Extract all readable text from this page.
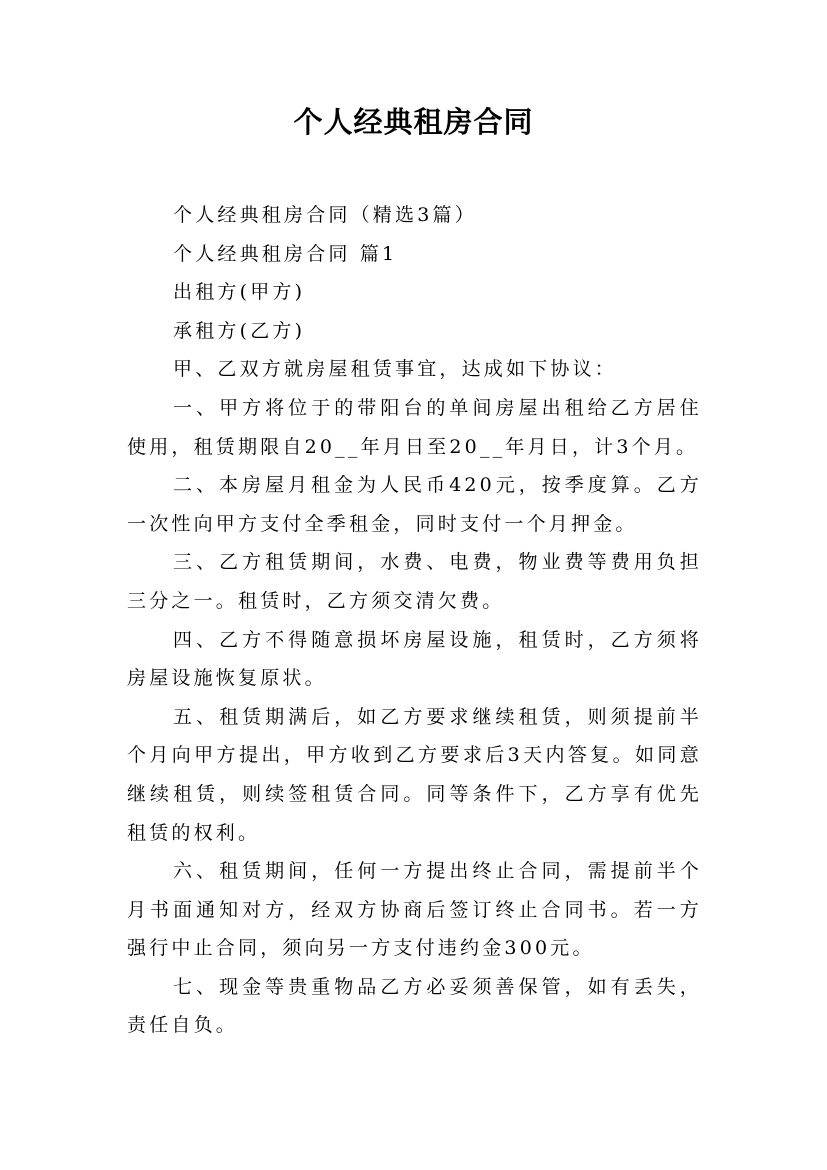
个人经典租房合同

个人经典租房合同（精选3篇）

个人经典租房合同 篇1

出租方(甲方)

承租方(乙方)

甲、乙双方就房屋租赁事宜，达成如下协议：

一、甲方将位于的带阳台的单间房屋出租给乙方居住使用，租赁期限自20__年月日至20__年月日，计3个月。

二、本房屋月租金为人民币420元，按季度算。乙方一次性向甲方支付全季租金，同时支付一个月押金。

三、乙方租赁期间，水费、电费，物业费等费用负担三分之一。租赁时，乙方须交清欠费。

四、乙方不得随意损坏房屋设施，租赁时，乙方须将房屋设施恢复原状。

五、租赁期满后，如乙方要求继续租赁，则须提前半个月向甲方提出，甲方收到乙方要求后3天内答复。如同意继续租赁，则续签租赁合同。同等条件下，乙方享有优先租赁的权利。

六、租赁期间，任何一方提出终止合同，需提前半个月书面通知对方，经双方协商后签订终止合同书。若一方强行中止合同，须向另一方支付违约金300元。

七、现金等贵重物品乙方必妥须善保管，如有丢失，责任自负。
